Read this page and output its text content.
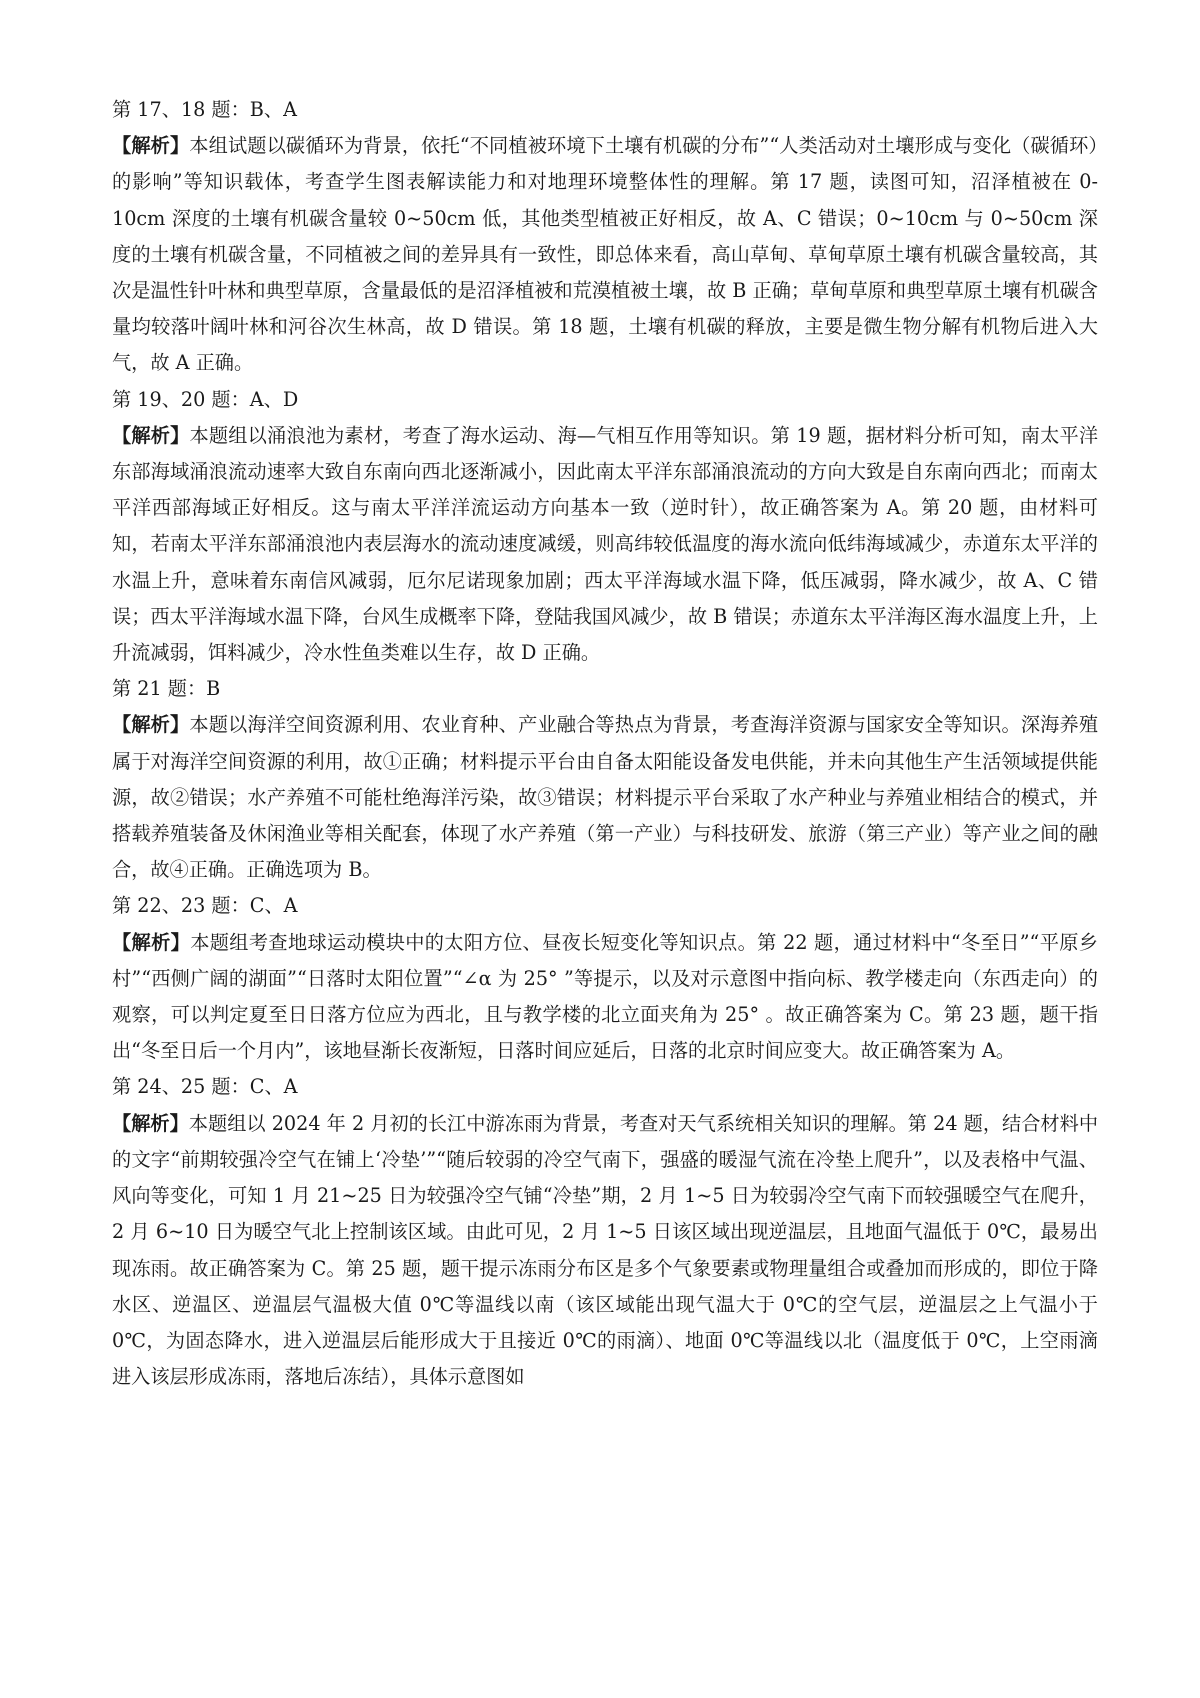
第 17、18 题：B、A
【解析】本组试题以碳循环为背景，依托“不同植被环境下土壤有机碳的分布”“人类活动对土壤形成与变化（碳循环）的影响”等知识载体，考查学生图表解读能力和对地理环境整体性的理解。第 17 题，读图可知，沼泽植被在 0-10cm 深度的土壤有机碳含量较 0~50cm 低，其他类型植被正好相反，故 A、C 错误；0~10cm 与 0~50cm 深度的土壤有机碳含量，不同植被之间的差异具有一致性，即总体来看，高山草甸、草甸草原土壤有机碳含量较高，其次是温性针叶林和典型草原，含量最低的是沼泽植被和荒漠植被土壤，故 B 正确；草甸草原和典型草原土壤有机碳含量均较落叶阔叶林和河谷次生林高，故 D 错误。第 18 题，土壤有机碳的释放，主要是微生物分解有机物后进入大气，故 A 正确。
第 19、20 题：A、D
【解析】本题组以涌浪池为素材，考查了海水运动、海—气相互作用等知识。第 19 题，据材料分析可知，南太平洋东部海域涌浪流动速率大致自东南向西北逐渐减小，因此南太平洋东部涌浪流动的方向大致是自东南向西北；而南太平洋西部海域正好相反。这与南太平洋洋流运动方向基本一致（逆时针），故正确答案为 A。第 20 题，由材料可知，若南太平洋东部涌浪池内表层海水的流动速度减缓，则高纬较低温度的海水流向低纬海域减少，赤道东太平洋的水温上升，意味着东南信风减弱，厄尔尼诺现象加剧；西太平洋海域水温下降，低压减弱，降水减少，故 A、C 错误；西太平洋海域水温下降，台风生成概率下降，登陆我国风减少，故 B 错误；赤道东太平洋海区海水温度上升，上升流减弱，饵料减少，冷水性鱼类难以生存，故 D 正确。
第 21 题：B
【解析】本题以海洋空间资源利用、农业育种、产业融合等热点为背景，考查海洋资源与国家安全等知识。深海养殖属于对海洋空间资源的利用，故①正确；材料提示平台由自备太阳能设备发电供能，并未向其他生产生活领域提供能源，故②错误；水产养殖不可能杜绝海洋污染，故③错误；材料提示平台采取了水产种业与养殖业相结合的模式，并搭载养殖装备及休闲渔业等相关配套，体现了水产养殖（第一产业）与科技研发、旅游（第三产业）等产业之间的融合，故④正确。正确选项为 B。
第 22、23 题：C、A
【解析】本题组考查地球运动模块中的太阳方位、昼夜长短变化等知识点。第 22 题，通过材料中“冬至日”“平原乡村”“西侧广阔的湖面”“日落时太阳位置”“∠α 为 25° ”等提示，以及对示意图中指向标、教学楼走向（东西走向）的观察，可以判定夏至日日落方位应为西北，且与教学楼的北立面夹角为 25° 。故正确答案为 C。第 23 题，题干指出“冬至日后一个月内”，该地昼渐长夜渐短，日落时间应延后，日落的北京时间应变大。故正确答案为 A。
第 24、25 题：C、A
【解析】本题组以 2024 年 2 月初的长江中游冻雨为背景，考查对天气系统相关知识的理解。第 24 题，结合材料中的文字“前期较强冷空气在铺上‘冷垫’”“随后较弱的冷空气南下，强盛的暖湿气流在冷垫上爬升”，以及表格中气温、风向等变化，可知 1 月 21~25 日为较强冷空气铺“冷垫”期，2 月 1~5 日为较弱冷空气南下而较强暖空气在爬升，2 月 6~10 日为暖空气北上控制该区域。由此可见，2 月 1~5 日该区域出现逆温层，且地面气温低于 0℃，最易出现冻雨。故正确答案为 C。第 25 题，题干提示冻雨分布区是多个气象要素或物理量组合或叠加而形成的，即位于降水区、逆温区、逆温层气温极大值 0℃等温线以南（该区域能出现气温大于 0℃的空气层，逆温层之上气温小于 0℃，为固态降水，进入逆温层后能形成大于且接近 0℃的雨滴）、地面 0℃等温线以北（温度低于 0℃，上空雨滴进入该层形成冻雨，落地后冻结），具体示意图如
